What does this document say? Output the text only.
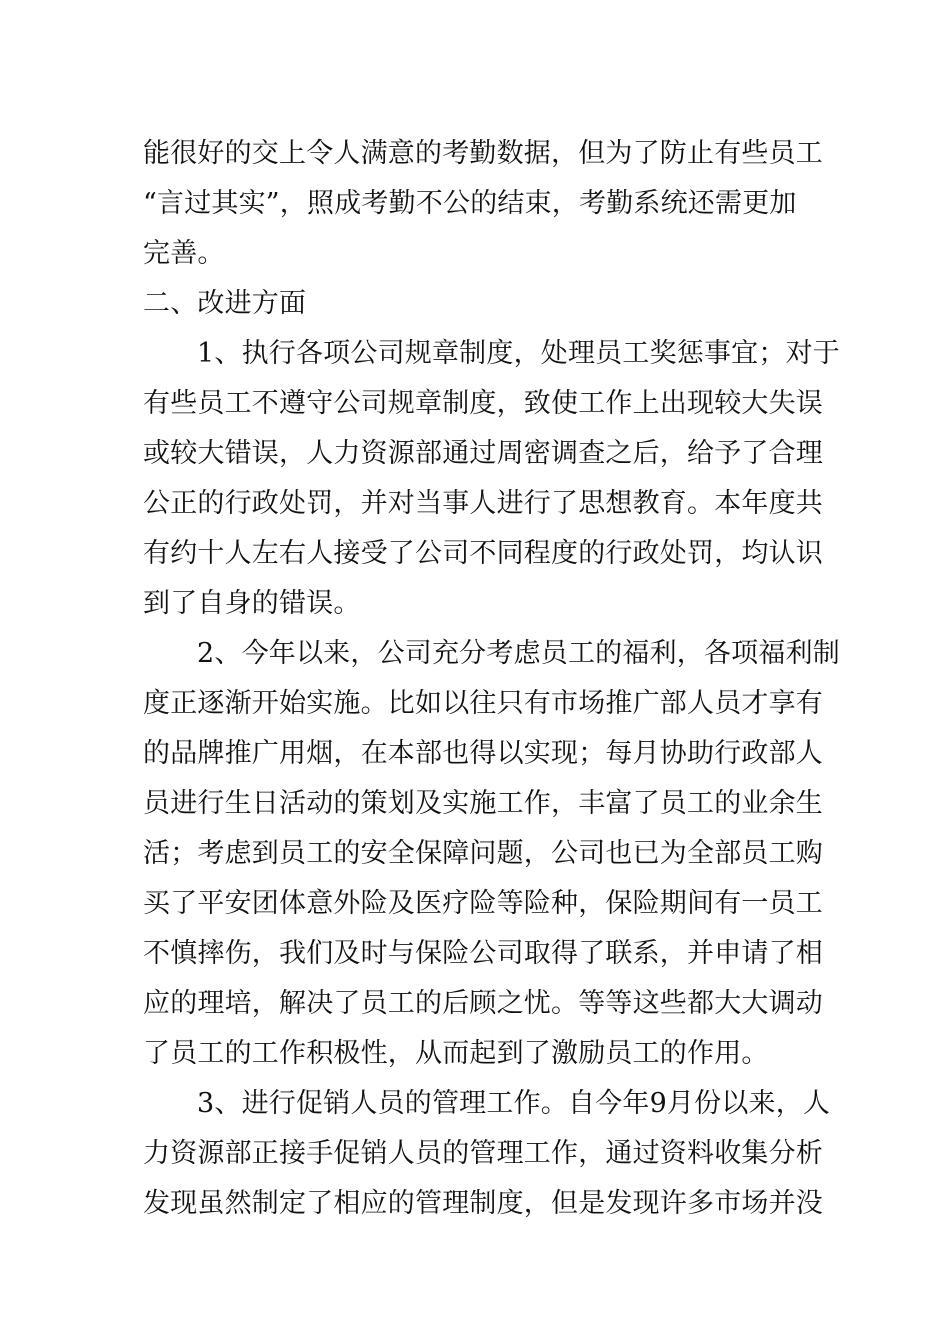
能很好的交上令人满意的考勤数据，但为了防止有些员工
“言过其实”，照成考勤不公的结束，考勤系统还需更加
完善。
二、改进方面
1、执行各项公司规章制度，处理员工奖惩事宜；对于
有些员工不遵守公司规章制度，致使工作上出现较大失误
或较大错误，人力资源部通过周密调查之后，给予了合理
公正的行政处罚，并对当事人进行了思想教育。本年度共
有约十人左右人接受了公司不同程度的行政处罚，均认识
到了自身的错误。
2、今年以来，公司充分考虑员工的福利，各项福利制
度正逐渐开始实施。比如以往只有市场推广部人员才享有
的品牌推广用烟，在本部也得以实现；每月协助行政部人
员进行生日活动的策划及实施工作，丰富了员工的业余生
活；考虑到员工的安全保障问题，公司也已为全部员工购
买了平安团体意外险及医疗险等险种，保险期间有一员工
不慎摔伤，我们及时与保险公司取得了联系，并申请了相
应的理培，解决了员工的后顾之忧。等等这些都大大调动
了员工的工作积极性，从而起到了激励员工的作用。
3、进行促销人员的管理工作。自今年9月份以来，人
力资源部正接手促销人员的管理工作，通过资料收集分析
发现虽然制定了相应的管理制度，但是发现许多市场并没
